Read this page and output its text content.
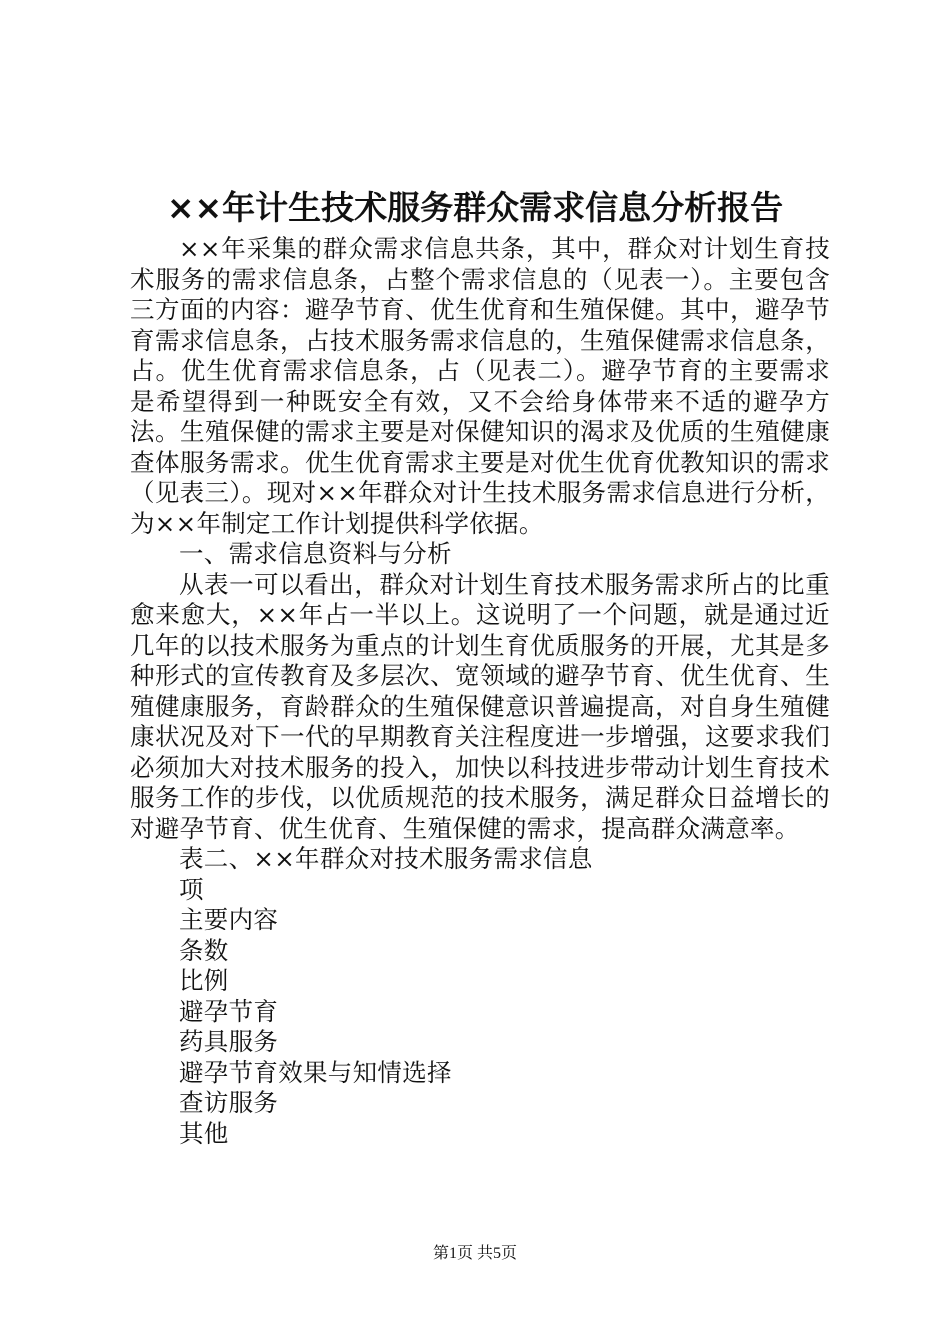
××年计生技术服务群众需求信息分析报告

××年采集的群众需求信息共条，其中，群众对计划生育技术服务的需求信息条，占整个需求信息的（见表一）。主要包含三方面的内容：避孕节育、优生优育和生殖保健。其中，避孕节育需求信息条，占技术服务需求信息的，生殖保健需求信息条，占。优生优育需求信息条，占（见表二）。避孕节育的主要需求是希望得到一种既安全有效，又不会给身体带来不适的避孕方法。生殖保健的需求主要是对保健知识的渴求及优质的生殖健康查体服务需求。优生优育需求主要是对优生优育优教知识的需求（见表三）。现对××年群众对计生技术服务需求信息进行分析，为××年制定工作计划提供科学依据。

一、需求信息资料与分析

从表一可以看出，群众对计划生育技术服务需求所占的比重愈来愈大，××年占一半以上。这说明了一个问题，就是通过近几年的以技术服务为重点的计划生育优质服务的开展，尤其是多种形式的宣传教育及多层次、宽领域的避孕节育、优生优育、生殖健康服务，育龄群众的生殖保健意识普遍提高，对自身生殖健康状况及对下一代的早期教育关注程度进一步增强，这要求我们必须加大对技术服务的投入，加快以科技进步带动计划生育技术服务工作的步伐，以优质规范的技术服务，满足群众日益增长的对避孕节育、优生优育、生殖保健的需求，提高群众满意率。

表二、××年群众对技术服务需求信息

项

主要内容

条数

比例

避孕节育

药具服务

避孕节育效果与知情选择

查访服务

其他

第1页 共5页
